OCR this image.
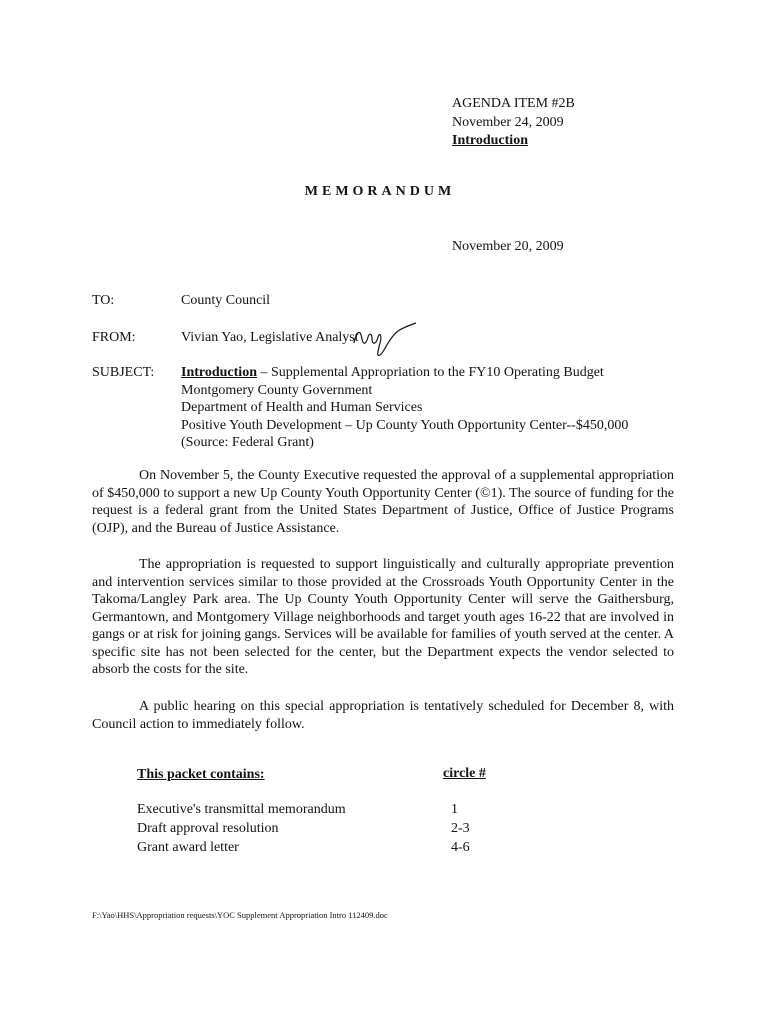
AGENDA ITEM #2B
November 24, 2009
Introduction
MEMORANDUM
November 20, 2009
TO:	County Council
FROM:	Vivian Yao, Legislative Analyst
SUBJECT: Introduction – Supplemental Appropriation to the FY10 Operating Budget
Montgomery County Government
Department of Health and Human Services
Positive Youth Development – Up County Youth Opportunity Center--$450,000
(Source: Federal Grant)
On November 5, the County Executive requested the approval of a supplemental appropriation of $450,000 to support a new Up County Youth Opportunity Center (©1). The source of funding for the request is a federal grant from the United States Department of Justice, Office of Justice Programs (OJP), and the Bureau of Justice Assistance.
The appropriation is requested to support linguistically and culturally appropriate prevention and intervention services similar to those provided at the Crossroads Youth Opportunity Center in the Takoma/Langley Park area. The Up County Youth Opportunity Center will serve the Gaithersburg, Germantown, and Montgomery Village neighborhoods and target youth ages 16-22 that are involved in gangs or at risk for joining gangs. Services will be available for families of youth served at the center. A specific site has not been selected for the center, but the Department expects the vendor selected to absorb the costs for the site.
A public hearing on this special appropriation is tentatively scheduled for December 8, with Council action to immediately follow.
This packet contains:	circle #
Executive's transmittal memorandum	1
Draft approval resolution	2-3
Grant award letter	4-6
F:\Yao\HHS\Appropriation requests\YOC Supplement Appropriation Intro 112409.doc
